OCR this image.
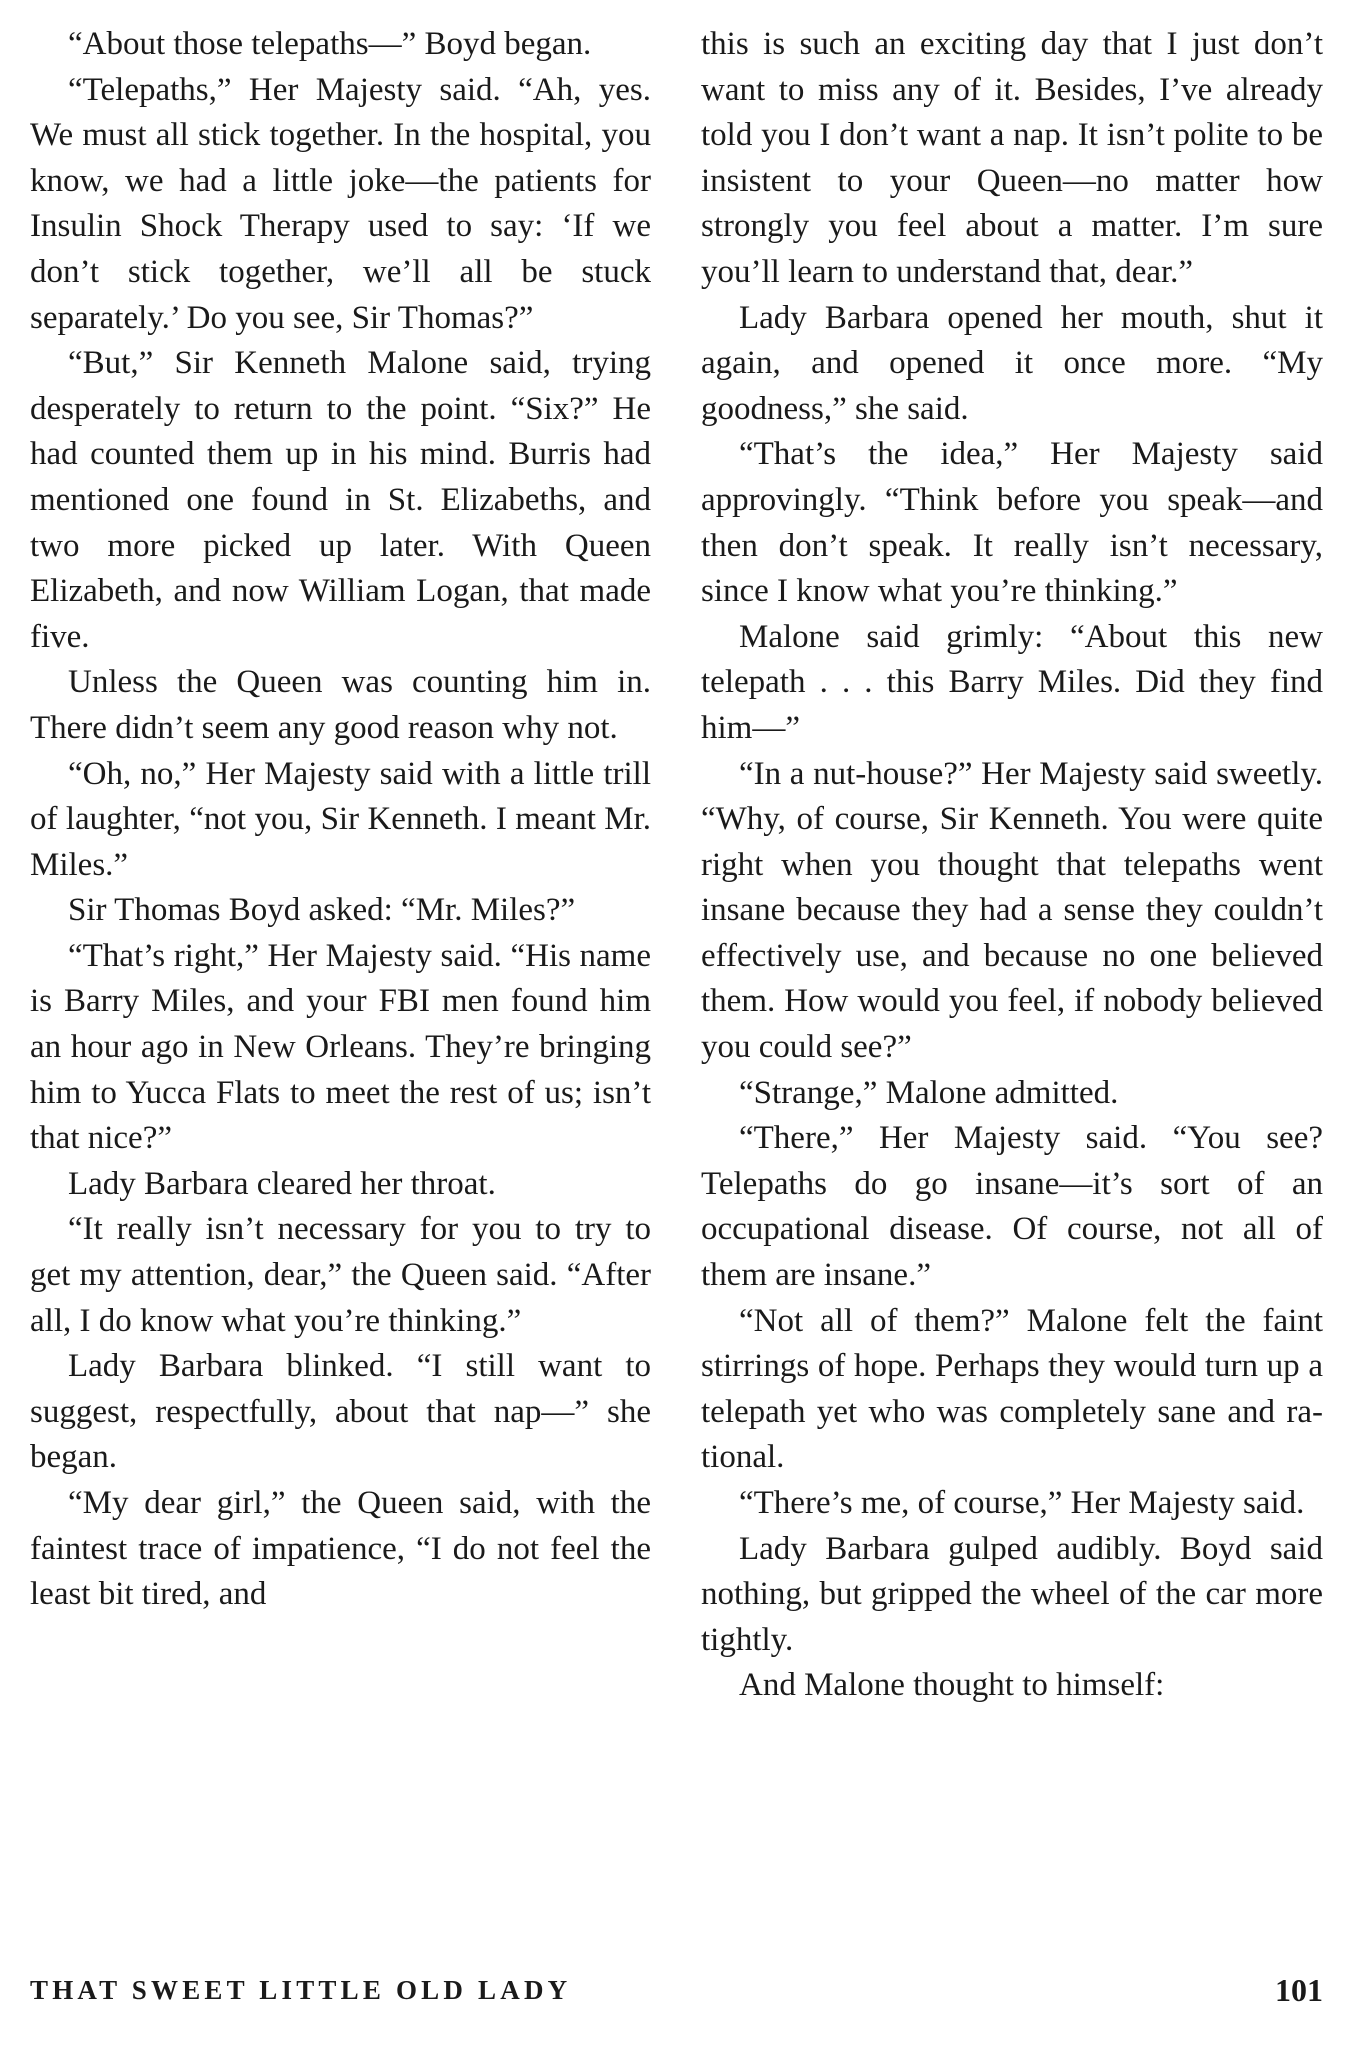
“About those telepaths—” Boyd began.

“Telepaths,” Her Majesty said. “Ah, yes. We must all stick together. In the hospital, you know, we had a little joke—the patients for Insulin Shock Therapy used to say: ‘If we don’t stick together, we’ll all be stuck separately.’ Do you see, Sir Thomas?”

“But,” Sir Kenneth Malone said, trying desperately to return to the point. “Six?” He had counted them up in his mind. Burris had mentioned one found in St. Elizabeths, and two more picked up later. With Queen Elizabeth, and now William Logan, that made five.

Unless the Queen was counting him in. There didn’t seem any good reason why not.

“Oh, no,” Her Majesty said with a little trill of laughter, “not you, Sir Kenneth. I meant Mr. Miles.”

Sir Thomas Boyd asked: “Mr. Miles?”

“That’s right,” Her Majesty said. “His name is Barry Miles, and your FBI men found him an hour ago in New Orleans. They’re bringing him to Yucca Flats to meet the rest of us; isn’t that nice?”

Lady Barbara cleared her throat.

“It really isn’t necessary for you to try to get my attention, dear,” the Queen said. “After all, I do know what you’re thinking.”

Lady Barbara blinked. “I still want to suggest, respectfully, about that nap—” she began.

“My dear girl,” the Queen said, with the faintest trace of impatience, “I do not feel the least bit tired, and

this is such an exciting day that I just don’t want to miss any of it. Besides, I’ve already told you I don’t want a nap. It isn’t polite to be insistent to your Queen—no matter how strongly you feel about a matter. I’m sure you’ll learn to understand that, dear.”

Lady Barbara opened her mouth, shut it again, and opened it once more. “My goodness,” she said.

“That’s the idea,” Her Majesty said approvingly. “Think before you speak—and then don’t speak. It really isn’t necessary, since I know what you’re thinking.”

Malone said grimly: “About this new telepath . . . this Barry Miles. Did they find him—”

“In a nut-house?” Her Majesty said sweetly. “Why, of course, Sir Kenneth. You were quite right when you thought that telepaths went insane because they had a sense they couldn’t effectively use, and because no one believed them. How would you feel, if nobody believed you could see?”

“Strange,” Malone admitted.

“There,” Her Majesty said. “You see? Telepaths do go insane—it’s sort of an occupational disease. Of course, not all of them are insane.”

“Not all of them?” Malone felt the faint stirrings of hope. Perhaps they would turn up a telepath yet who was completely sane and rational.

“There’s me, of course,” Her Majesty said.

Lady Barbara gulped audibly. Boyd said nothing, but gripped the wheel of the car more tightly.

And Malone thought to himself:

THAT SWEET LITTLE OLD LADY	101
